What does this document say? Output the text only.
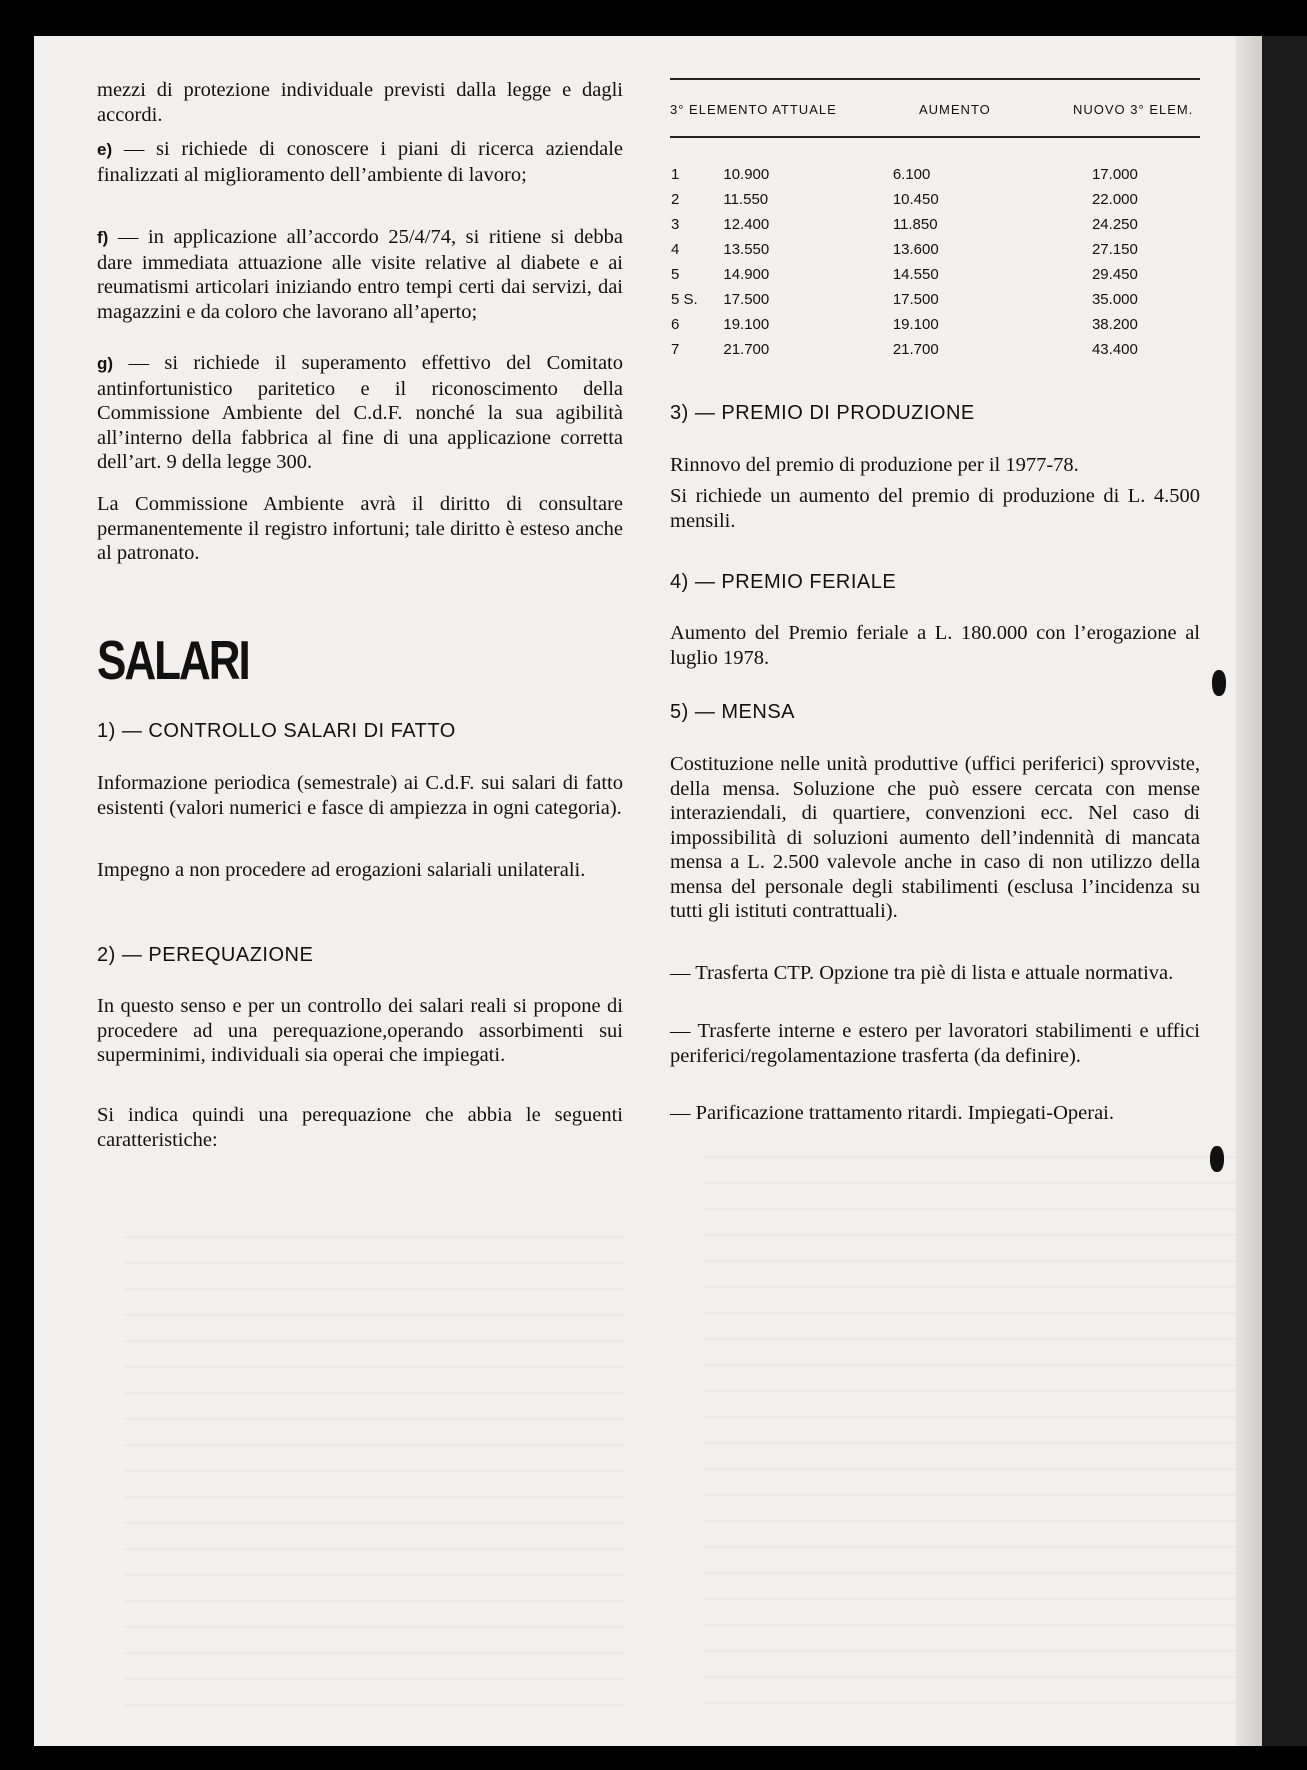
mezzi di protezione individuale previsti dalla legge e dagli accordi.

e) — si richiede di conoscere i piani di ricerca aziendale finalizzati al miglioramento dell’ambiente di lavoro;

f) — in applicazione all’accordo 25/4/74, si ritiene si debba dare immediata attuazione alle visite relative al diabete e ai reumatismi articolari iniziando entro tempi certi dai servizi, dai magazzini e da coloro che lavorano all’aperto;

g) — si richiede il superamento effettivo del Comitato antinfortunistico paritetico e il riconoscimento della Commissione Ambiente del C.d.F. nonché la sua agibilità all’interno della fabbrica al fine di una applicazione corretta dell’art. 9 della legge 300.

La Commissione Ambiente avrà il diritto di consultare permanentemente il registro infortuni; tale diritto è esteso anche al patronato.

SALARI
1) — CONTROLLO SALARI DI FATTO

Informazione periodica (semestrale) ai C.d.F. sui salari di fatto esistenti (valori numerici e fasce di ampiezza in ogni categoria).

Impegno a non procedere ad erogazioni salariali unilaterali.

2) — PEREQUAZIONE

In questo senso e per un controllo dei salari reali si propone di procedere ad una perequazione,operando assorbimenti sui superminimi, individuali sia operai che impiegati.

Si indica quindi una perequazione che abbia le seguenti caratteristiche:

3° ELEMENTO ATTUALE	AUMENTO	NUOVO 3° ELEM.
1	10.900	6.100	17.000
2	11.550	10.450	22.000
3	12.400	11.850	24.250
4	13.550	13.600	27.150
5	14.900	14.550	29.450
5 S.	17.500	17.500	35.000
6	19.100	19.100	38.200
7	21.700	21.700	43.400
3) — PREMIO DI PRODUZIONE

Rinnovo del premio di produzione per il 1977-78.

Si richiede un aumento del premio di produzione di L. 4.500 mensili.

4) — PREMIO FERIALE

Aumento del Premio feriale a L. 180.000 con l’erogazione al luglio 1978.

5) — MENSA

Costituzione nelle unità produttive (uffici periferici) sprovviste, della mensa. Soluzione che può essere cercata con mense interaziendali, di quartiere, convenzioni ecc. Nel caso di impossibilità di soluzioni aumento dell’indennità di mancata mensa a L. 2.500 valevole anche in caso di non utilizzo della mensa del personale degli stabilimenti (esclusa l’incidenza su tutti gli istituti contrattuali).

— Trasferta CTP. Opzione tra piè di lista e attuale normativa.

— Trasferte interne e estero per lavoratori stabilimenti e uffici periferici/regolamentazione trasferta (da definire).

— Parificazione trattamento ritardi. Impiegati-Operai.
